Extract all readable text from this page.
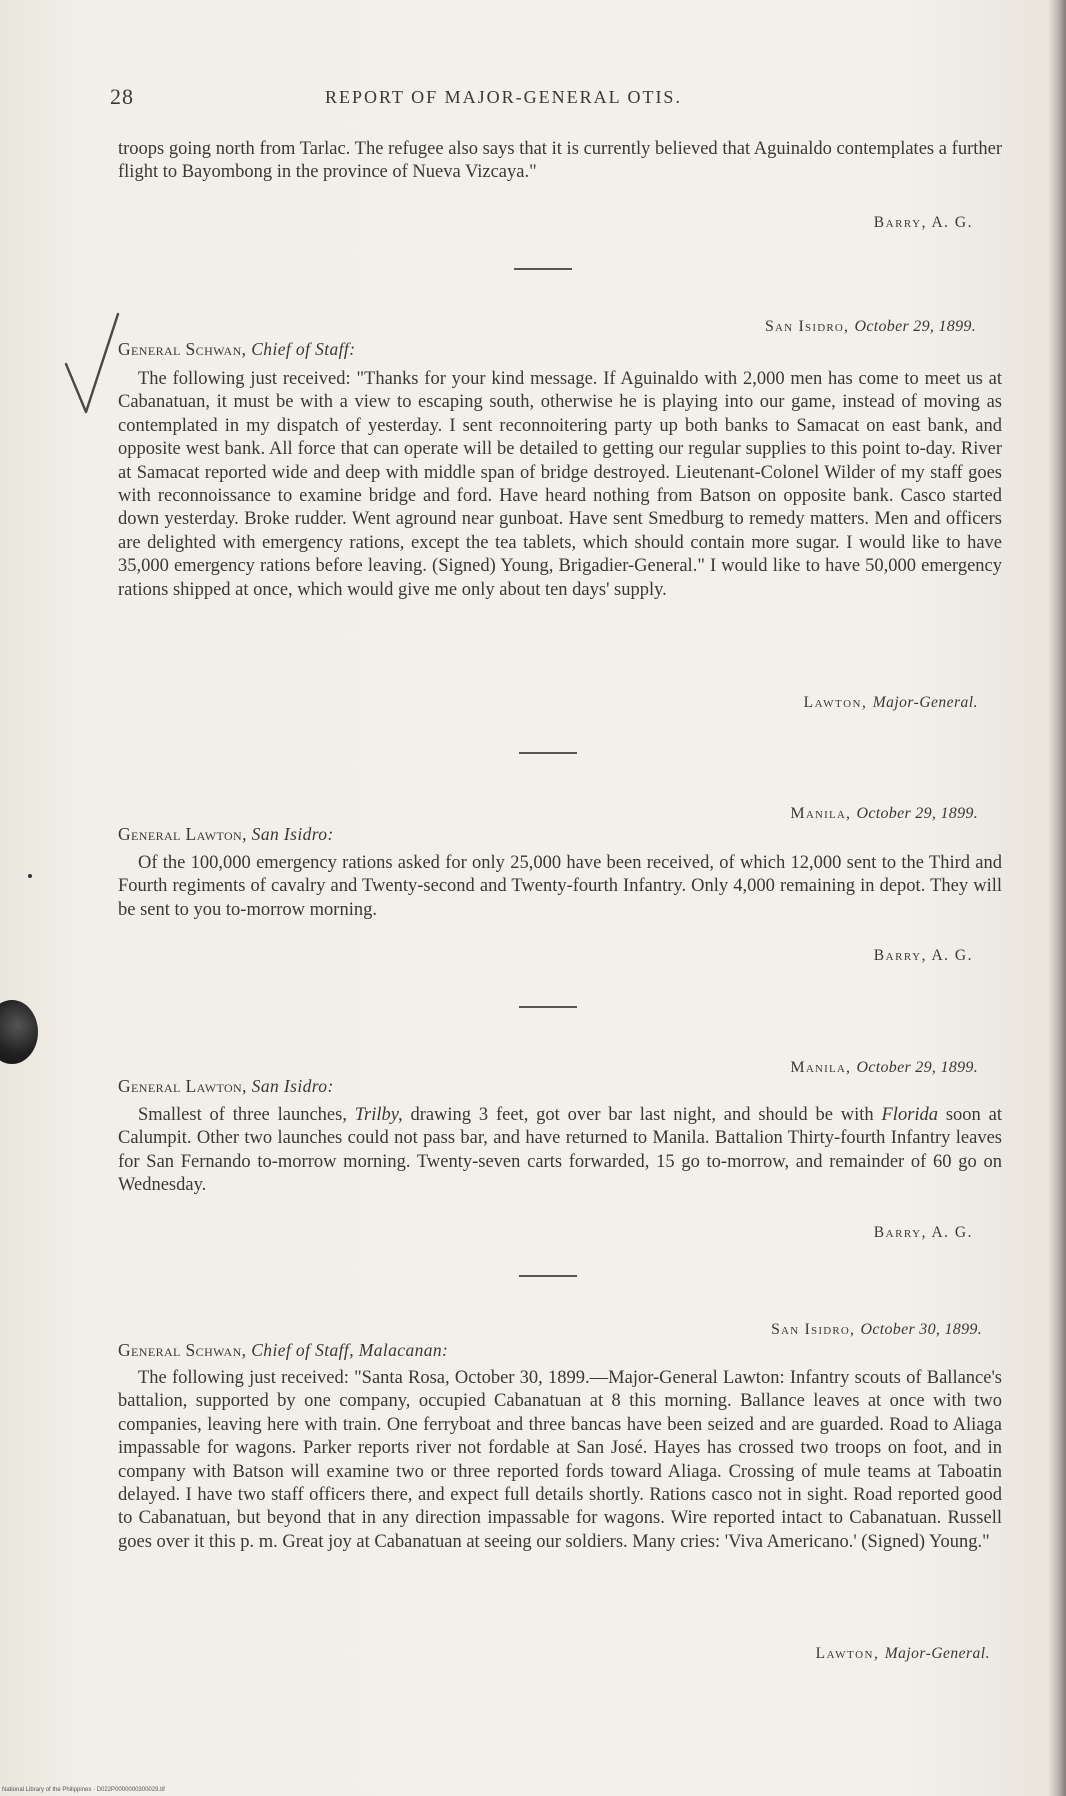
28	REPORT OF MAJOR-GENERAL OTIS.
troops going north from Tarlac. The refugee also says that it is currently believed that Aguinaldo contemplates a further flight to Bayombong in the province of Nueva Vizcaya."
Barry, A. G.
San Isidro, October 29, 1899.
General Schwan, Chief of Staff:
The following just received: "Thanks for your kind message. If Aguinaldo with 2,000 men has come to meet us at Cabanatuan, it must be with a view to escaping south, otherwise he is playing into our game, instead of moving as contemplated in my dispatch of yesterday. I sent reconnoitering party up both banks to Samacat on east bank, and opposite west bank. All force that can operate will be detailed to getting our regular supplies to this point to-day. River at Samacat reported wide and deep with middle span of bridge destroyed. Lieutenant-Colonel Wilder of my staff goes with reconnoissance to examine bridge and ford. Have heard nothing from Batson on opposite bank. Casco started down yesterday. Broke rudder. Went aground near gunboat. Have sent Smedburg to remedy matters. Men and officers are delighted with emergency rations, except the tea tablets, which should contain more sugar. I would like to have 35,000 emergency rations before leaving. (Signed) Young, Brigadier-General." I would like to have 50,000 emergency rations shipped at once, which would give me only about ten days' supply.
Lawton, Major-General.
Manila, October 29, 1899.
General Lawton, San Isidro:
Of the 100,000 emergency rations asked for only 25,000 have been received, of which 12,000 sent to the Third and Fourth regiments of cavalry and Twenty-second and Twenty-fourth Infantry. Only 4,000 remaining in depot. They will be sent to you to-morrow morning.
Barry, A. G.
Manila, October 29, 1899.
General Lawton, San Isidro:
Smallest of three launches, Trilby, drawing 3 feet, got over bar last night, and should be with Florida soon at Calumpit. Other two launches could not pass bar, and have returned to Manila. Battalion Thirty-fourth Infantry leaves for San Fernando to-morrow morning. Twenty-seven carts forwarded, 15 go to-morrow, and remainder of 60 go on Wednesday.
Barry, A. G.
San Isidro, October 30, 1899.
General Schwan, Chief of Staff, Malacanan:
The following just received: "Santa Rosa, October 30, 1899.—Major-General Lawton: Infantry scouts of Ballance's battalion, supported by one company, occupied Cabanatuan at 8 this morning. Ballance leaves at once with two companies, leaving here with train. One ferryboat and three bancas have been seized and are guarded. Road to Aliaga impassable for wagons. Parker reports river not fordable at San José. Hayes has crossed two troops on foot, and in company with Batson will examine two or three reported fords toward Aliaga. Crossing of mule teams at Taboatin delayed. I have two staff officers there, and expect full details shortly. Rations casco not in sight. Road reported good to Cabanatuan, but beyond that in any direction impassable for wagons. Wire reported intact to Cabanatuan. Russell goes over it this p. m. Great joy at Cabanatuan at seeing our soldiers. Many cries: 'Viva Americano.' (Signed) Young."
Lawton, Major-General.
National Library of the Philippines · D022P0000000300029.tif
